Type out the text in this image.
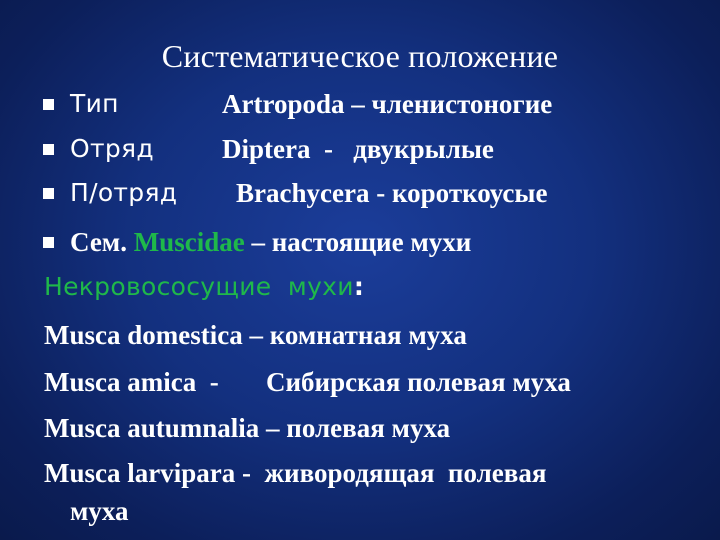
Систематическое положение
Тип	Artropoda – членистоногие
Отряд	Diptera  -   двукрылые
П/отряд Brachycera - короткоусые
Сем. Muscidae – настоящие мухи
Некровососущие  мухи:
Musca domestica – комнатная муха
Musca amica  -       Сибирская полевая муха
Musca autumnalia – полевая муха
Musca larvipara -  живородящая  полевая
муха
